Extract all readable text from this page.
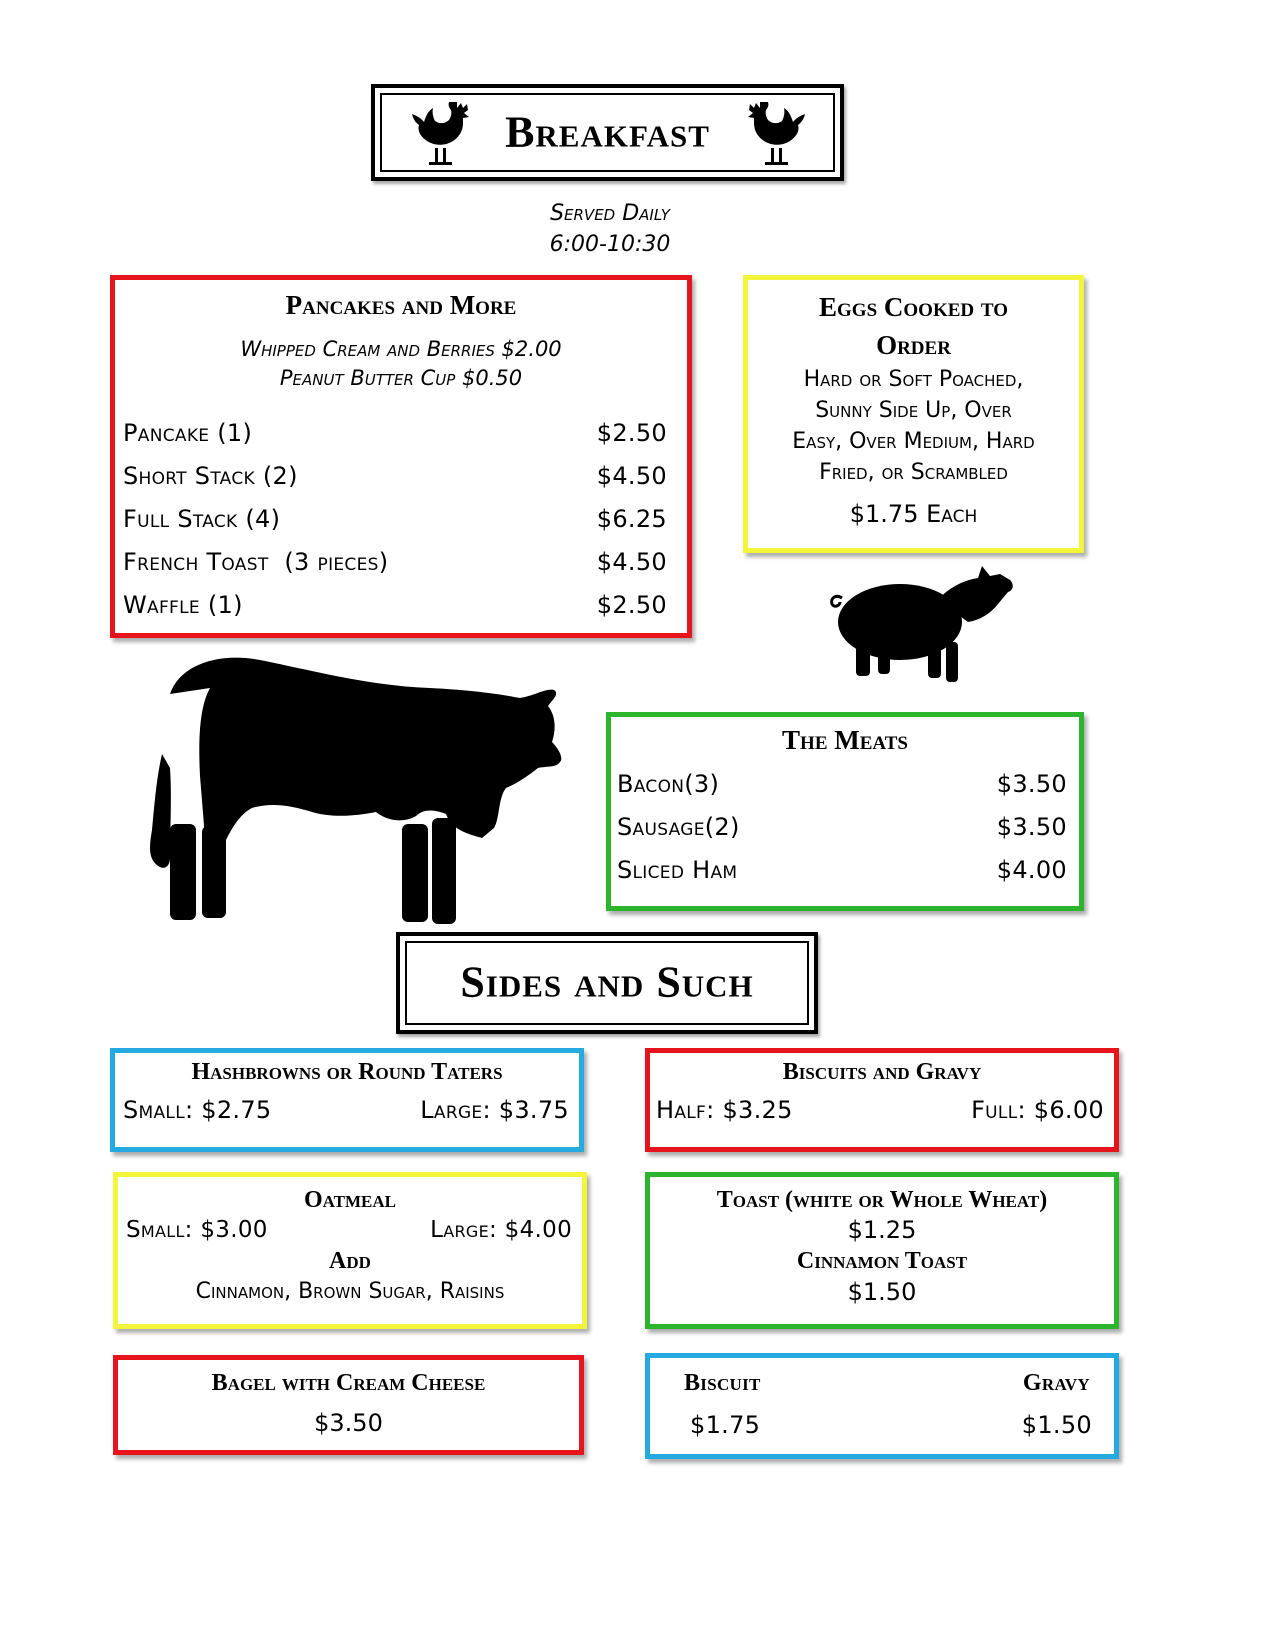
Breakfast
Served Daily
6:00-10:30
Pancakes and More
Whipped Cream and Berries $2.00
Peanut Butter Cup $0.50
Pancake (1)	$2.50
Short Stack (2)	$4.50
Full Stack (4)	$6.25
French Toast  (3 pieces)	$4.50
Waffle (1)	$2.50
Eggs Cooked to
Order
Hard or Soft Poached,
Sunny Side Up, Over
Easy, Over Medium, Hard
Fried, or Scrambled
$1.75 Each
The Meats
Bacon(3)	$3.50
Sausage(2)	$3.50
Sliced Ham	$4.00
Sides and Such
Hashbrowns or Round Taters
Small: $2.75	Large: $3.75
Biscuits and Gravy
Half: $3.25	Full: $6.00
Oatmeal
Small: $3.00	Large: $4.00
Add
Cinnamon, Brown Sugar, Raisins
Toast (white or Whole Wheat)
$1.25
Cinnamon Toast
$1.50
Bagel with Cream Cheese
$3.50
Biscuit	Gravy
$1.75	$1.50
